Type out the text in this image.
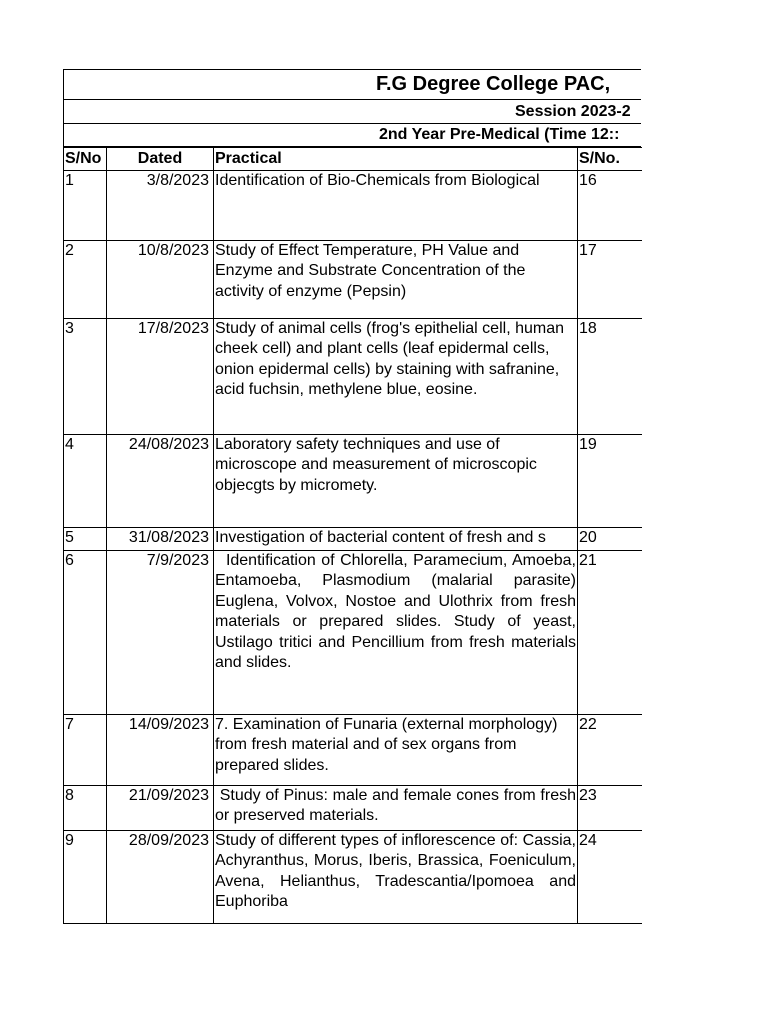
F.G Degree College PAC,
Session 2023-2
2nd Year Pre-Medical (Time 12::
S/No	Dated	Practical	S/No.
1	3/8/2023	Identification of Bio-Chemicals from Biological	16
2	10/8/2023	Study of Effect Temperature, PH Value and Enzyme and Substrate Concentration of the activity of enzyme (Pepsin)	17
3	17/8/2023	Study of animal cells (frog's epithelial cell, human cheek cell) and plant cells (leaf epidermal cells, onion epidermal cells) by staining with safranine, acid fuchsin, methylene blue, eosine.	18
4	24/08/2023	Laboratory safety techniques and use of microscope and measurement of microscopic objecgts by micromety.	19
5	31/08/2023	Investigation of bacterial content of fresh and s	20
6	7/9/2023	Identification of Chlorella, Paramecium, Amoeba, Entamoeba, Plasmodium (malarial parasite) Euglena, Volvox, Nostoe and Ulothrix from fresh materials or prepared slides. Study of yeast, Ustilago tritici and Pencillium from fresh materials and slides.	21
7	14/09/2023	7. Examination of Funaria (external morphology) from fresh material and of sex organs from prepared slides.	22
8	21/09/2023	Study of Pinus: male and female cones from fresh or preserved materials.	23
9	28/09/2023	Study of different types of inflorescence of: Cassia, Achyranthus, Morus, Iberis, Brassica, Foeniculum, Avena, Helianthus, Tradescantia/Ipomoea and Euphoriba	24
